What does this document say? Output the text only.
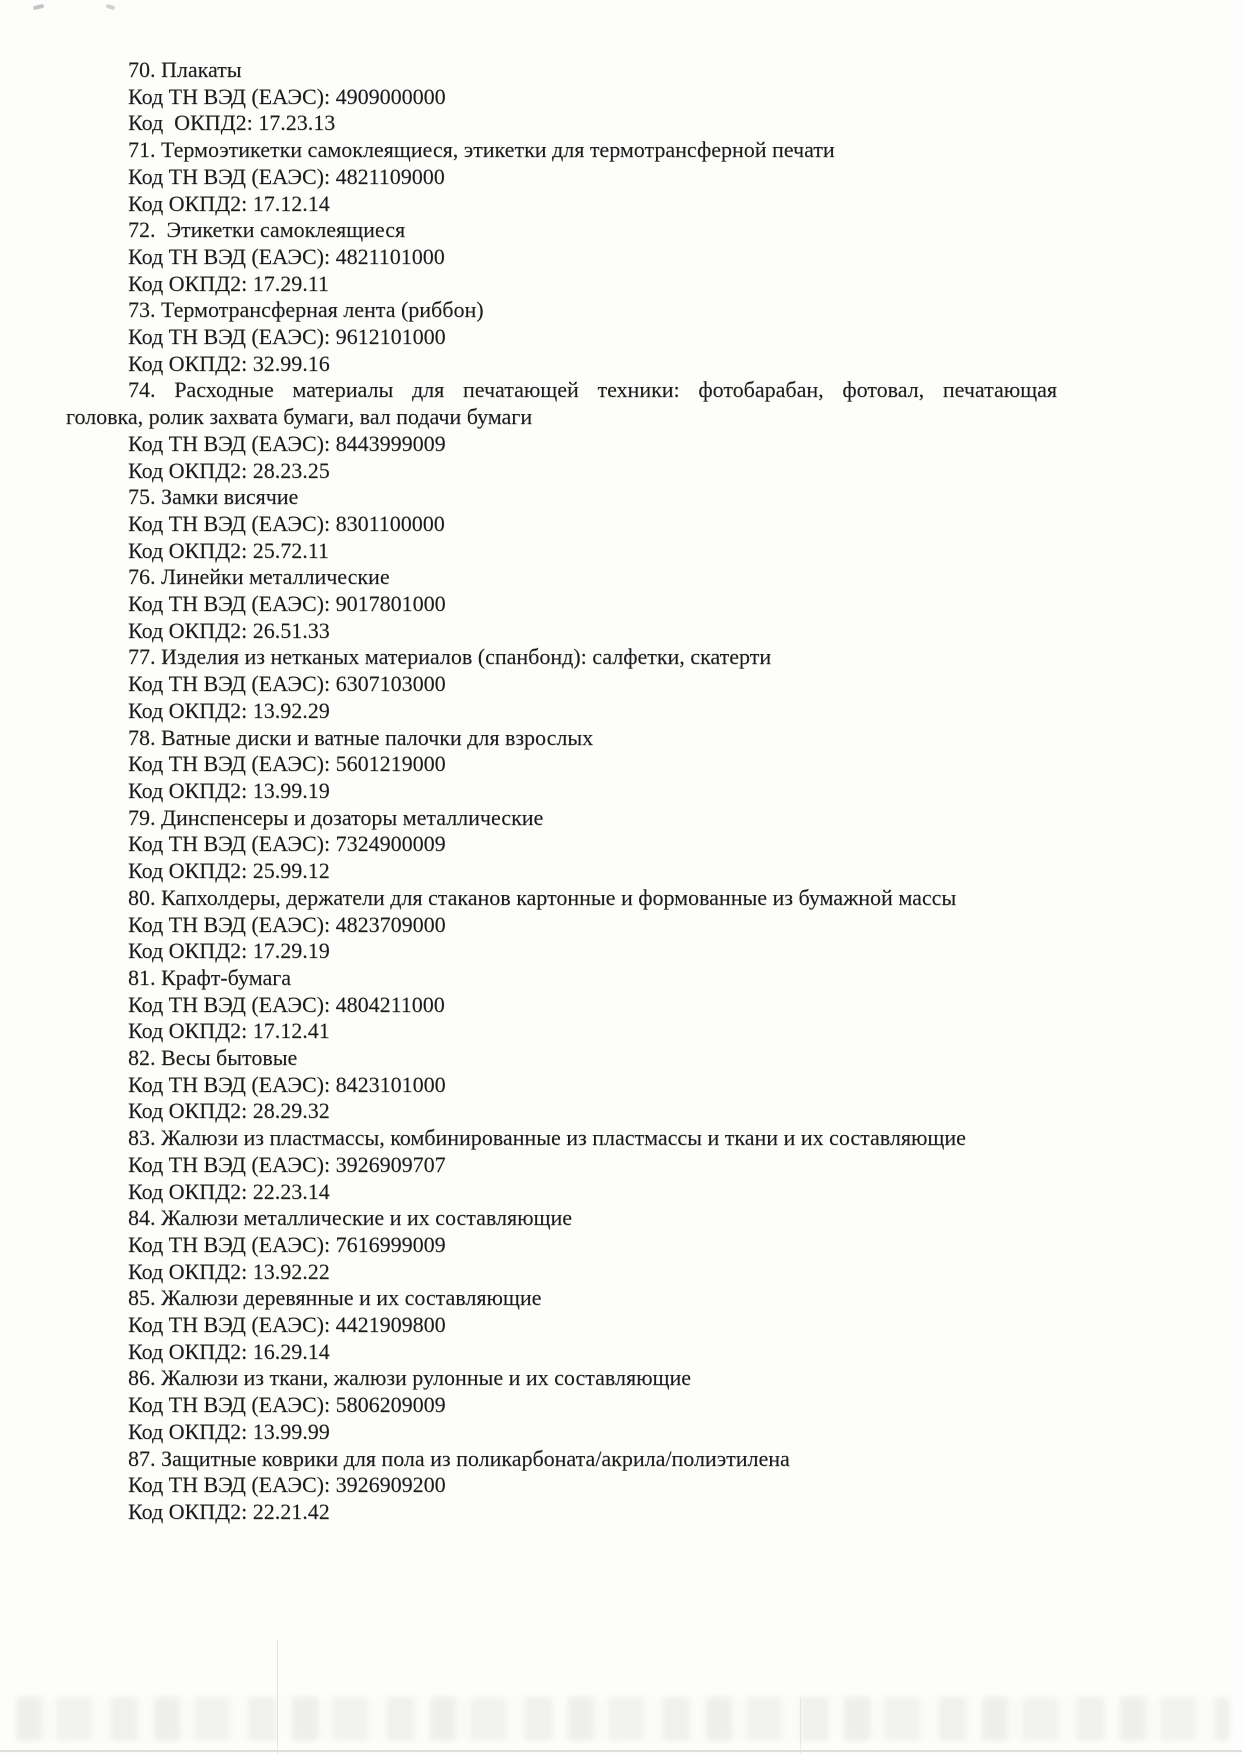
70. Плакаты

Код ТН ВЭД (ЕАЭС): 4909000000

Код  ОКПД2: 17.23.13

71. Термоэтикетки самоклеящиеся, этикетки для термотрансферной печати

Код ТН ВЭД (ЕАЭС): 4821109000

Код ОКПД2: 17.12.14

72.  Этикетки самоклеящиеся

Код ТН ВЭД (ЕАЭС): 4821101000

Код ОКПД2: 17.29.11

73. Термотрансферная лента (риббон)

Код ТН ВЭД (ЕАЭС): 9612101000

Код ОКПД2: 32.99.16

74. Расходные материалы для печатающей техники: фотобарабан, фотовал, печатающая

головка, ролик захвата бумаги, вал подачи бумаги

Код ТН ВЭД (ЕАЭС): 8443999009

Код ОКПД2: 28.23.25

75. Замки висячие

Код ТН ВЭД (ЕАЭС): 8301100000

Код ОКПД2: 25.72.11

76. Линейки металлические

Код ТН ВЭД (ЕАЭС): 9017801000

Код ОКПД2: 26.51.33

77. Изделия из нетканых материалов (спанбонд): салфетки, скатерти

Код ТН ВЭД (ЕАЭС): 6307103000

Код ОКПД2: 13.92.29

78. Ватные диски и ватные палочки для взрослых

Код ТН ВЭД (ЕАЭС): 5601219000

Код ОКПД2: 13.99.19

79. Динспенсеры и дозаторы металлические

Код ТН ВЭД (ЕАЭС): 7324900009

Код ОКПД2: 25.99.12

80. Капхолдеры, держатели для стаканов картонные и формованные из бумажной массы

Код ТН ВЭД (ЕАЭС): 4823709000

Код ОКПД2: 17.29.19

81. Крафт-бумага

Код ТН ВЭД (ЕАЭС): 4804211000

Код ОКПД2: 17.12.41

82. Весы бытовые

Код ТН ВЭД (ЕАЭС): 8423101000

Код ОКПД2: 28.29.32

83. Жалюзи из пластмассы, комбинированные из пластмассы и ткани и их составляющие

Код ТН ВЭД (ЕАЭС): 3926909707

Код ОКПД2: 22.23.14

84. Жалюзи металлические и их составляющие

Код ТН ВЭД (ЕАЭС): 7616999009

Код ОКПД2: 13.92.22

85. Жалюзи деревянные и их составляющие

Код ТН ВЭД (ЕАЭС): 4421909800

Код ОКПД2: 16.29.14

86. Жалюзи из ткани, жалюзи рулонные и их составляющие

Код ТН ВЭД (ЕАЭС): 5806209009

Код ОКПД2: 13.99.99

87. Защитные коврики для пола из поликарбоната/акрила/полиэтилена

Код ТН ВЭД (ЕАЭС): 3926909200

Код ОКПД2: 22.21.42
